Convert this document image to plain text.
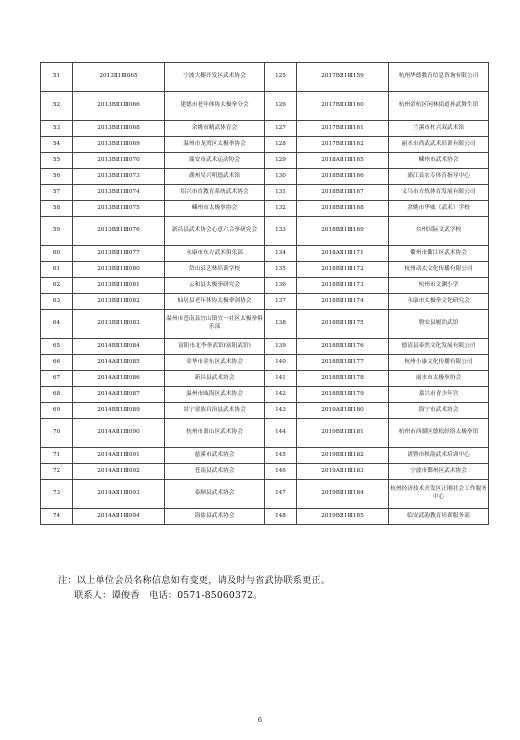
51	2013Ⅱ1Ⅲ065	宁波大榭开发区武术协会	125	2017BⅡ1Ⅲ159	杭州华德教育信息咨询有限公司
52	2013BⅡ1Ⅲ066	建德市老年体协太极拳分会	126	2017BⅡ1Ⅲ160	杭州余杭区闲林街道孙武舞生馆
53	2013BⅡ1Ⅲ068	余姚市精武体育会	127	2017BⅡ1Ⅲ161	兰溪市杜兴双武术馆
54	2013BⅡ1Ⅲ069	温州市龙湾区太极拳协会	128	2017BⅡ1Ⅲ162	丽水市尚武武术培训有限公司
55	2013BⅡ1Ⅲ070	瑞安市武术运动协会	129	2018AⅡ1Ⅲ165	嵊州市武术协会
56	2013BⅡ1Ⅲ073	湖州吴兴明德武术馆	130	2018BⅡ1Ⅲ166	浦江县农专体育指导中心
57	2013BⅡ1Ⅲ074	绍兴市直教育系统武术协会	131	2018BⅡ1Ⅲ167	义乌市方炼体育发展有限公司
58	2013BⅡ1Ⅲ075	嵊州市太极拳协会	132	2018BⅡ1Ⅲ168	余姚市华威（武术）学校
59	2013BⅡ1Ⅲ076	新昌县武术协会心意六合拳研究会	133	2018BⅡ1Ⅲ169	台州国际文武学校
60	2013BⅡ1Ⅲ077	永康市东方武术俱乐部	134	2018AⅡ1Ⅲ171	衢州市衢江区武术协会
61	2013BⅡ1Ⅲ080	岱山县艺林培训学校	135	2018BⅡ1Ⅲ172	杭州动太文化传播有限公司
62	2013BⅡ1Ⅲ081	云和县太极拳研究会	136	2018BⅡ1Ⅲ173	杭州市文渊小学
63	2013BⅡ1Ⅲ082	仙居县老年体协太极拳剑协会	137	2018BⅡ1Ⅲ174	永康市太极拳文化研究会
64	2013BⅡ1Ⅲ083	温州市苍南县宜山镇宜一社区太极拳俱乐部	138	2018BⅡ1Ⅲ175	磐安县履浩武馆
65	2014BⅡ1Ⅲ084	富阳市北李拳武馆(富阳武馆)	139	2018BⅡ1Ⅲ176	德清县泰然文化发展有限公司
66	2014AⅡ1Ⅲ085	金华市金东区武术协会	140	2018BⅡ1Ⅲ177	杭州小康文化传播有限公司
67	2014AⅡ1Ⅲ086	新昌县武术协会	141	2018BⅡ1Ⅲ178	丽水市太极拳协会
68	2014AⅡ1Ⅲ087	温州市瓯海区武术协会	142	2018BⅡ1Ⅲ179	嘉兴市青少年宫
69	2014BⅡ1Ⅲ089	景宁畲族自治县武术协会	143	2019AⅡ1Ⅲ180	海宁市武术协会
70	2014AⅡ1Ⅲ090	杭州市萧山区武术协会	144	2019BⅡ1Ⅲ181	杭州市西湖区德松经络太极拳馆
71	2014AⅡ1Ⅲ091	慈溪市武术协会	145	2019BⅡ1Ⅲ182	诸暨市秋韵武术培训中心
72	2014AⅡ1Ⅲ092	苍南县武术协会	146	2019AⅡ1Ⅲ183	宁波市鄞州区武术协会
73	2014AⅡ1Ⅲ093	泰顺县武术协会	147	2019BⅡ1Ⅲ184	杭州经济技术开发区正刚社会工作服务中心
74	2014AⅡ1Ⅲ094	海盐县武术协会	148	2019BⅡ1Ⅲ185	临安武韵教育培训服务部
注：以上单位会员名称信息如有变更，请及时与省武协联系更正。
联系人：谭俊香　电话：0571-85060372。
6
